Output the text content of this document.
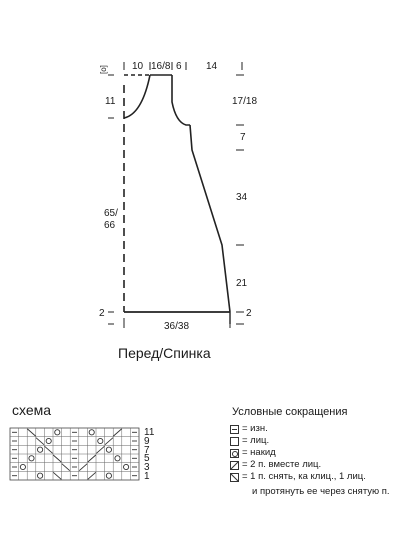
10 16/8 6 14
[o]
11
65/
66
2
17/18
7
34
21
2
36/38
Перед/Спинка
схема
11
9
7
5
3
1
Условные сокращения
= изн.
= лиц.
= накид
= 2 п. вместе лиц.
= 1 п. снять, ка клиц., 1 лиц.
и протянуть ее через снятую п.
